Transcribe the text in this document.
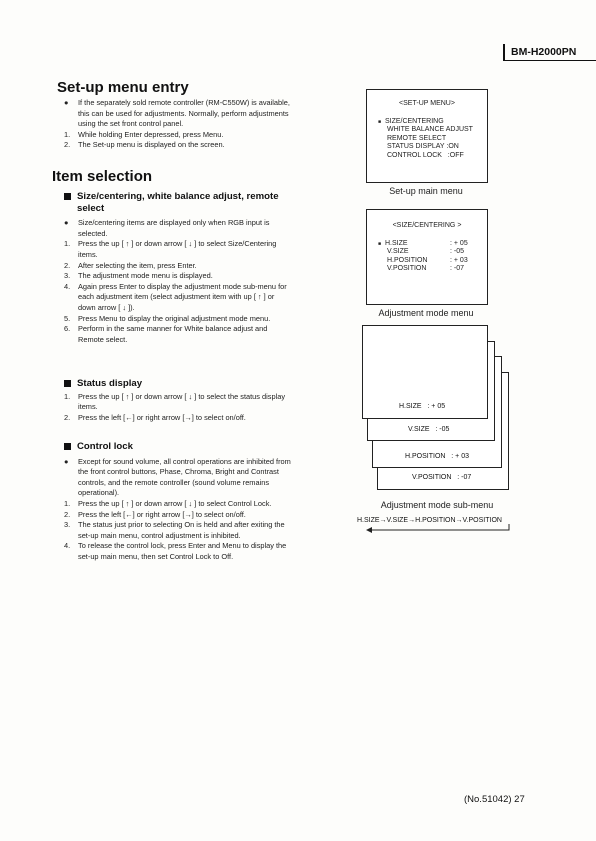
BM-H2000PN
Set-up menu entry
● If the separately sold remote controller (RM-C550W) is available, this can be used for adjustments. Normally, perform adjustments using the set front control panel.
1. While holding Enter depressed, press Menu.
2. The Set-up menu is displayed on the screen.
Item selection
Size/centering, white balance adjust, remote select
● Size/centering items are displayed only when RGB input is selected.
1. Press the up [ ↑ ] or down arrow [ ↓ ] to select Size/Centering items.
2. After selecting the item, press Enter.
3. The adjustment mode menu is displayed.
4. Again press Enter to display the adjustment mode sub-menu for each adjustment item (select adjustment item with up [ ↑ ] or down arrow [ ↓ ]).
5. Press Menu to display the original adjustment mode menu.
6. Perform in the same manner for White balance adjust and Remote select.
Status display
1. Press the up [ ↑ ] or down arrow [ ↓ ] to select the status display items.
2. Press the left [←] or right arrow [→] to select on/off.
Control lock
● Except for sound volume, all control operations are inhibited from the front control buttons, Phase, Chroma, Bright and Contrast controls, and the remote controller (sound volume remains operational).
1. Press the up [ ↑ ] or down arrow [ ↓ ] to select Control Lock.
2. Press the left [←] or right arrow [→] to select on/off.
3. The status just prior to selecting On is held and after exiting the set-up main menu, control adjustment is inhibited.
4. To release the control lock, press Enter and Menu to display the set-up main menu, then set Control Lock to Off.
<SET-UP MENU>
■ SIZE/CENTERING
WHITE BALANCE ADJUST
REMOTE SELECT
STATUS DISPLAY :ON
CONTROL LOCK   :OFF
Set-up main menu
<SIZE/CENTERING >
■ H.SIZE	: + 05
V.SIZE	: -05
H.POSITION	: + 03
V.POSITION	: -07
Adjustment mode menu
V.POSITION   : -07
H.POSITION   : + 03
V.SIZE   : -05
H.SIZE   : + 05
Adjustment mode sub-menu
H.SIZE→V.SIZE→H.POSITION→V.POSITION
(No.51042) 27
